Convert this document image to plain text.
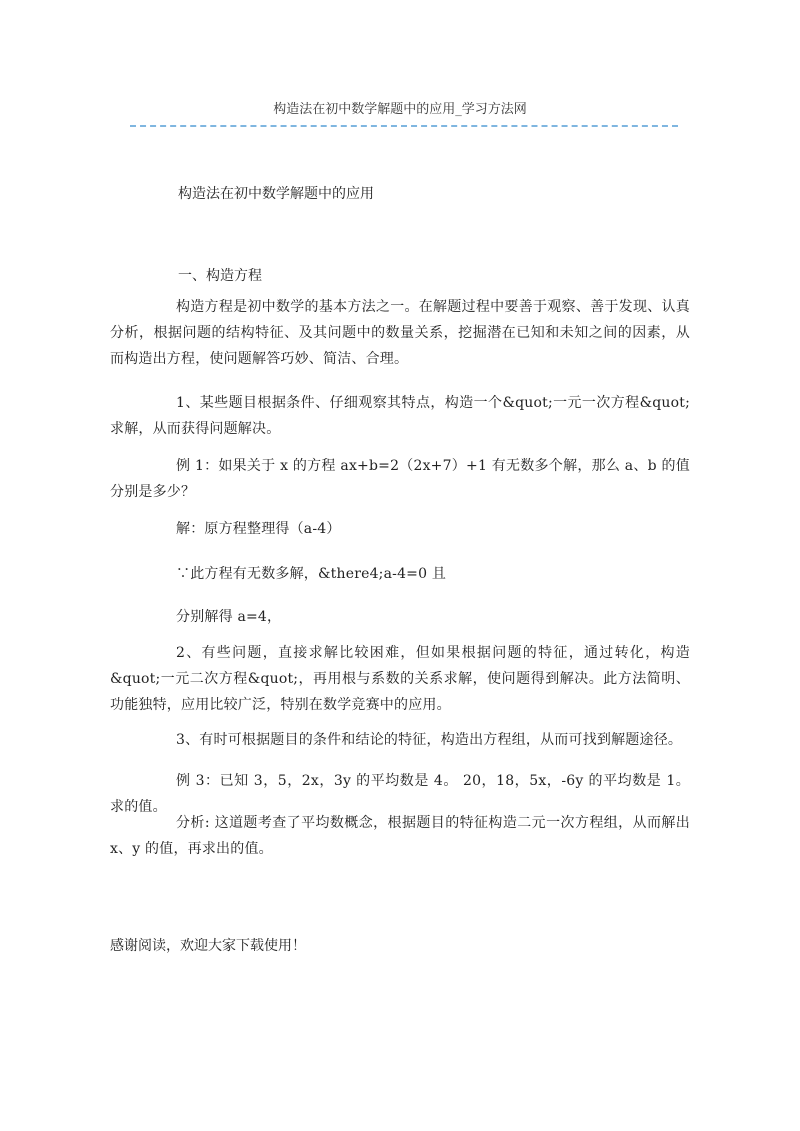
构造法在初中数学解题中的应用_学习方法网
构造法在初中数学解题中的应用
一、构造方程

构造方程是初中数学的基本方法之一。在解题过程中要善于观察、善于发现、认真分析，根据问题的结构特征、及其问题中的数量关系，挖掘潜在已知和未知之间的因素，从而构造出方程，使问题解答巧妙、简洁、合理。

1、某些题目根据条件、仔细观察其特点，构造一个&quot;一元一次方程&quot; 求解，从而获得问题解决。

例 1：如果关于 x 的方程 ax+b=2（2x+7）+1 有无数多个解，那么 a、b 的值分别是多少？

解：原方程整理得（a-4）

∵此方程有无数多解，&there4;a-4=0 且

分别解得 a=4，

2、有些问题，直接求解比较困难，但如果根据问题的特征，通过转化，构造&quot;一元二次方程&quot;，再用根与系数的关系求解，使问题得到解决。此方法简明、功能独特，应用比较广泛，特别在数学竞赛中的应用。

3、有时可根据题目的条件和结论的特征，构造出方程组，从而可找到解题途径。

例 3：已知 3，5，2x，3y 的平均数是 4。 20，18，5x，-6y 的平均数是 1。求的值。

分析: 这道题考查了平均数概念，根据题目的特征构造二元一次方程组，从而解出x、y 的值，再求出的值。

感谢阅读，欢迎大家下载使用！
